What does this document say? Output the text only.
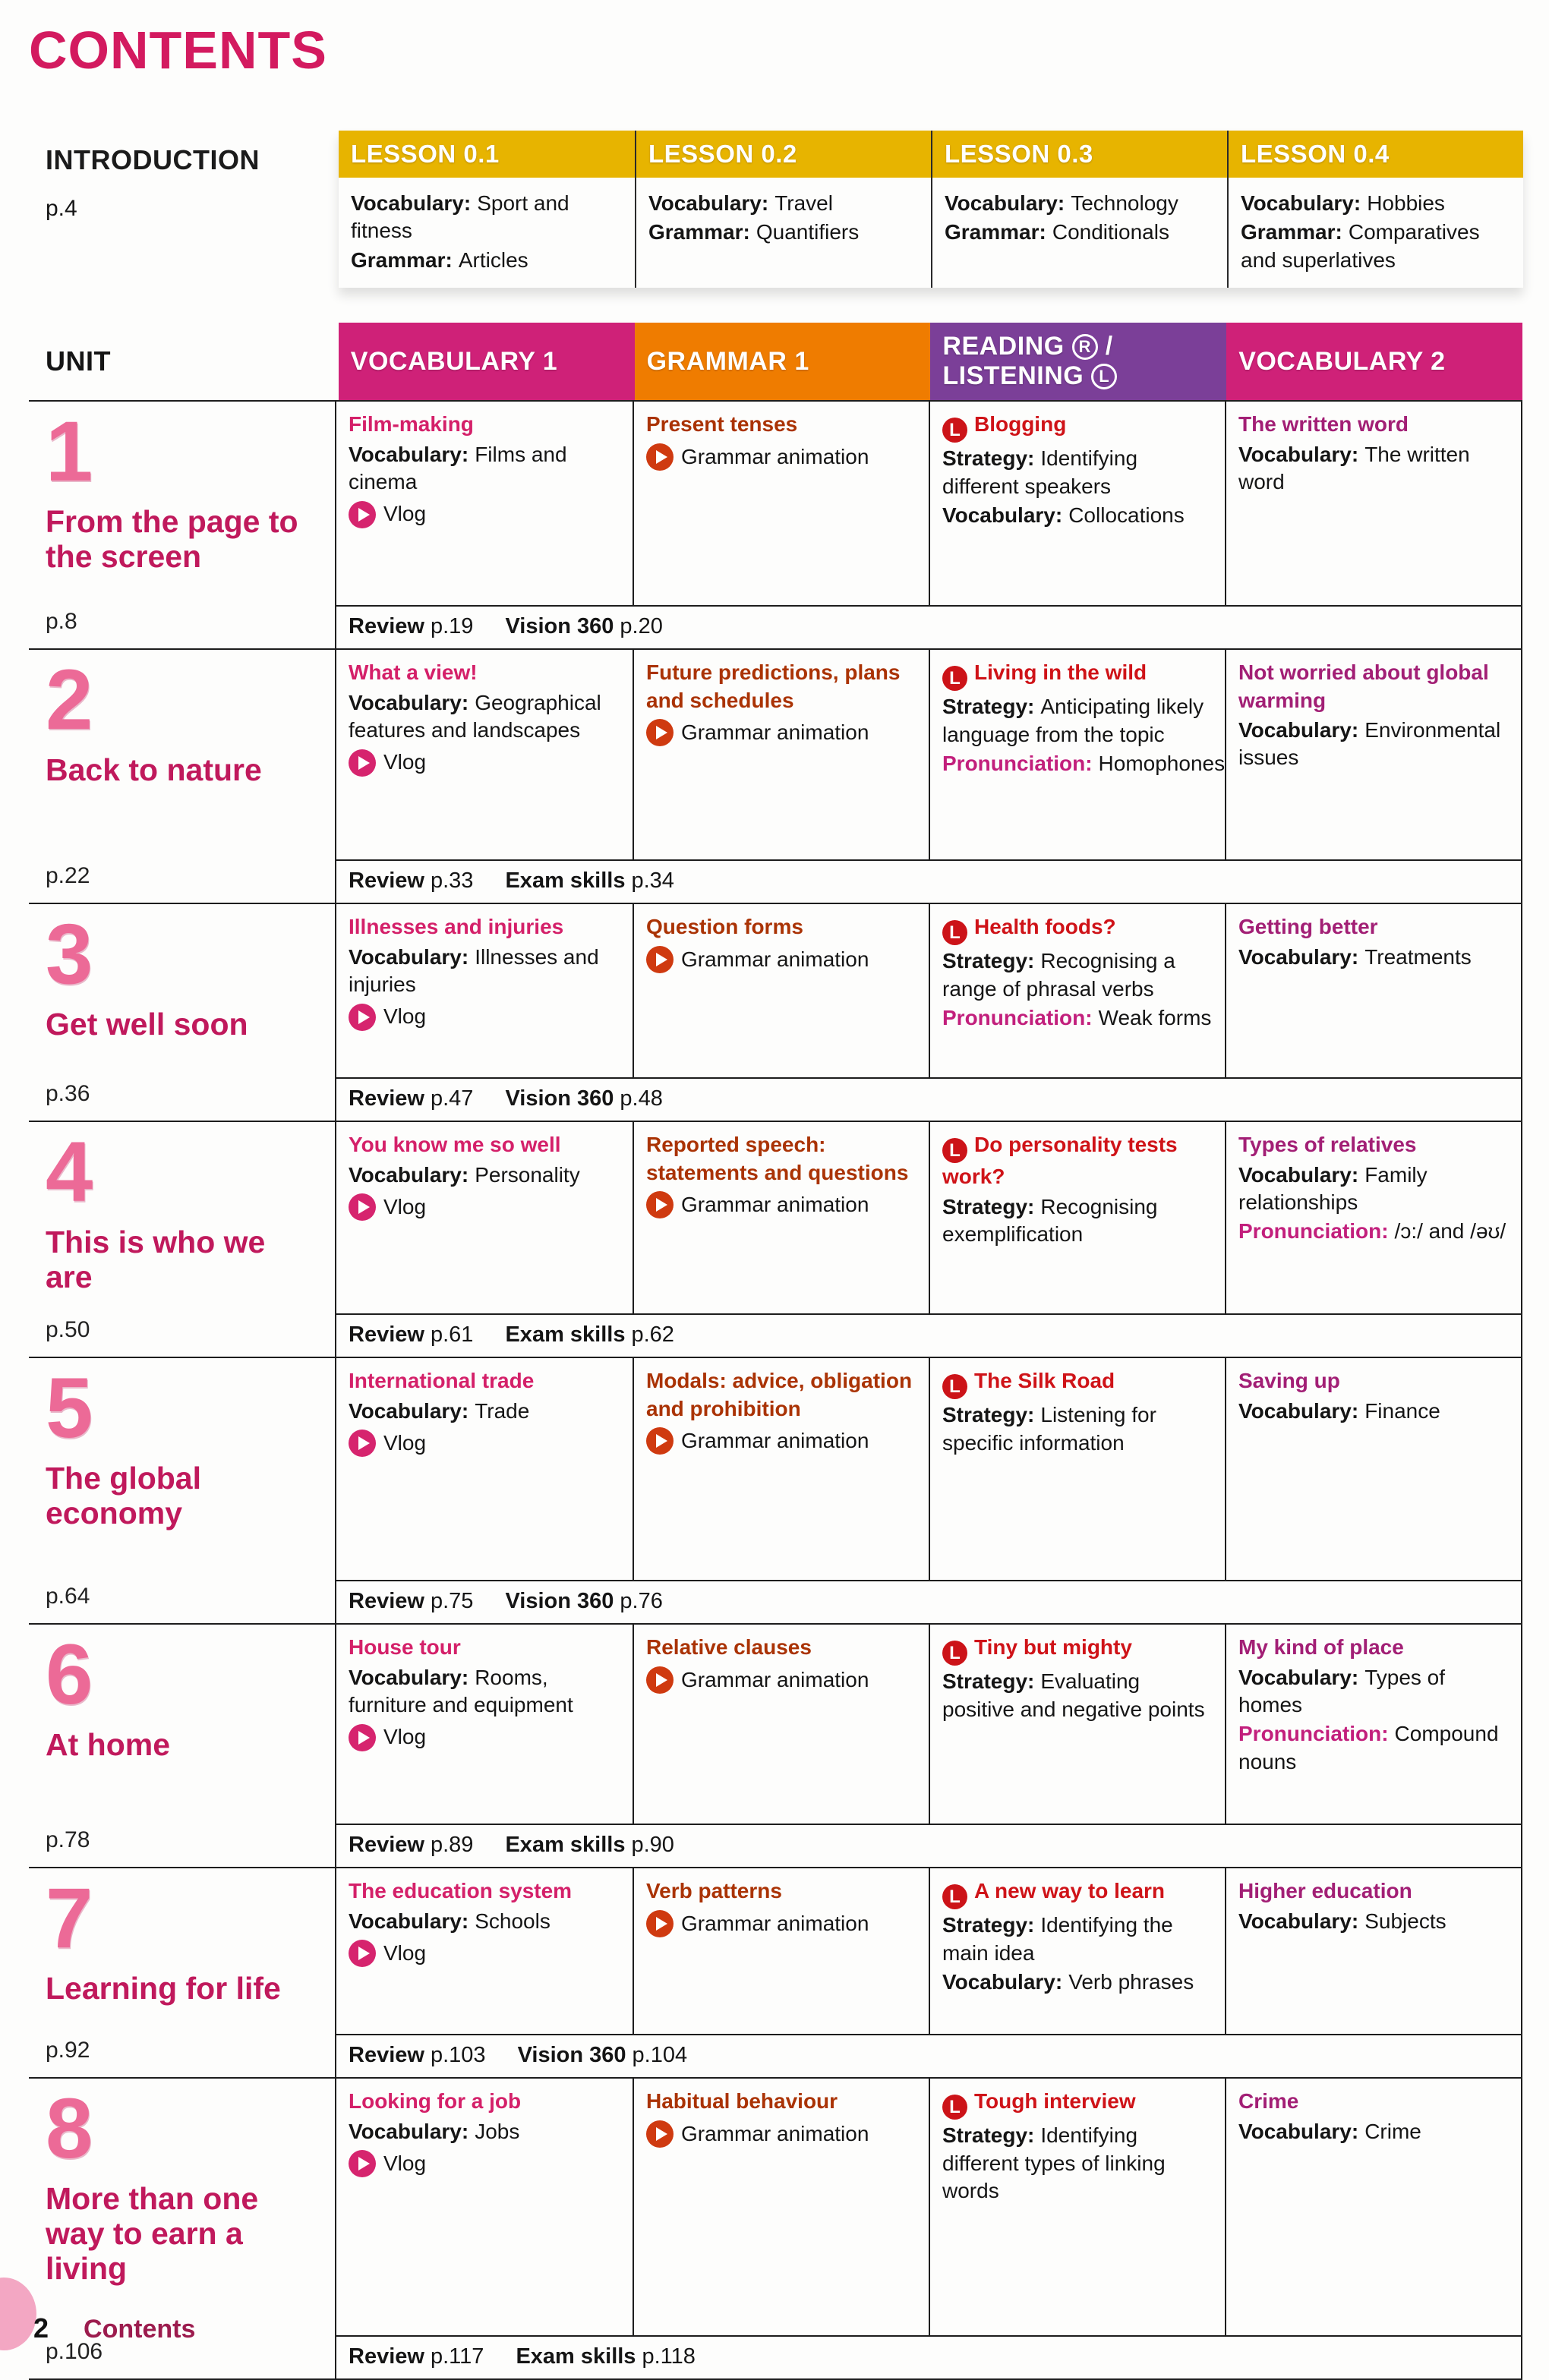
CONTENTS
INTRODUCTION
p.4
LESSON 0.1
Vocabulary: Sport and fitness
Grammar: Articles
LESSON 0.2
Vocabulary: Travel
Grammar: Quantifiers
LESSON 0.3
Vocabulary: Technology
Grammar: Conditionals
LESSON 0.4
Vocabulary: Hobbies
Grammar: Comparatives and superlatives
UNIT	VOCABULARY 1	GRAMMAR 1
READING R /
LISTENING L
VOCABULARY 2
1
From the page to the screen
p.8
Film-making
Vocabulary: Films and cinema
Vlog
Present tenses
Grammar animation
L Blogging
Strategy: Identifying different speakers
Vocabulary: Collocations
The written word
Vocabulary: The written word
Review p.19 Vision 360 p.20
2
Back to nature
p.22
What a view!
Vocabulary: Geographical features and landscapes
Vlog
Future predictions, plans and schedules
Grammar animation
L Living in the wild
Strategy: Anticipating likely language from the topic
Pronunciation: Homophones
Not worried about global warming
Vocabulary: Environmental issues
Review p.33 Exam skills p.34
3
Get well soon
p.36
Illnesses and injuries
Vocabulary: Illnesses and injuries
Vlog
Question forms
Grammar animation
L Health foods?
Strategy: Recognising a range of phrasal verbs
Pronunciation: Weak forms
Getting better
Vocabulary: Treatments
Review p.47 Vision 360 p.48
4
This is who we are
p.50
You know me so well
Vocabulary: Personality
Vlog
Reported speech: statements and questions
Grammar animation
L Do personality tests work?
Strategy: Recognising exemplification
Types of relatives
Vocabulary: Family relationships
Pronunciation: /ɔ:/ and /əʊ/
Review p.61 Exam skills p.62
5
The global economy
p.64
International trade
Vocabulary: Trade
Vlog
Modals: advice, obligation and prohibition
Grammar animation
L The Silk Road
Strategy: Listening for specific information
Saving up
Vocabulary: Finance
Review p.75 Vision 360 p.76
6
At home
p.78
House tour
Vocabulary: Rooms, furniture and equipment
Vlog
Relative clauses
Grammar animation
L Tiny but mighty
Strategy: Evaluating positive and negative points
My kind of place
Vocabulary: Types of homes
Pronunciation: Compound nouns
Review p.89 Exam skills p.90
7
Learning for life
p.92
The education system
Vocabulary: Schools
Vlog
Verb patterns
Grammar animation
L A new way to learn
Strategy: Identifying the main idea
Vocabulary: Verb phrases
Higher education
Vocabulary: Subjects
Review p.103 Vision 360 p.104
8
More than one way to earn a living
p.106
Looking for a job
Vocabulary: Jobs
Vlog
Habitual behaviour
Grammar animation
L Tough interview
Strategy: Identifying different types of linking words
Crime
Vocabulary: Crime
Review p.117 Exam skills p.118
2 Contents
